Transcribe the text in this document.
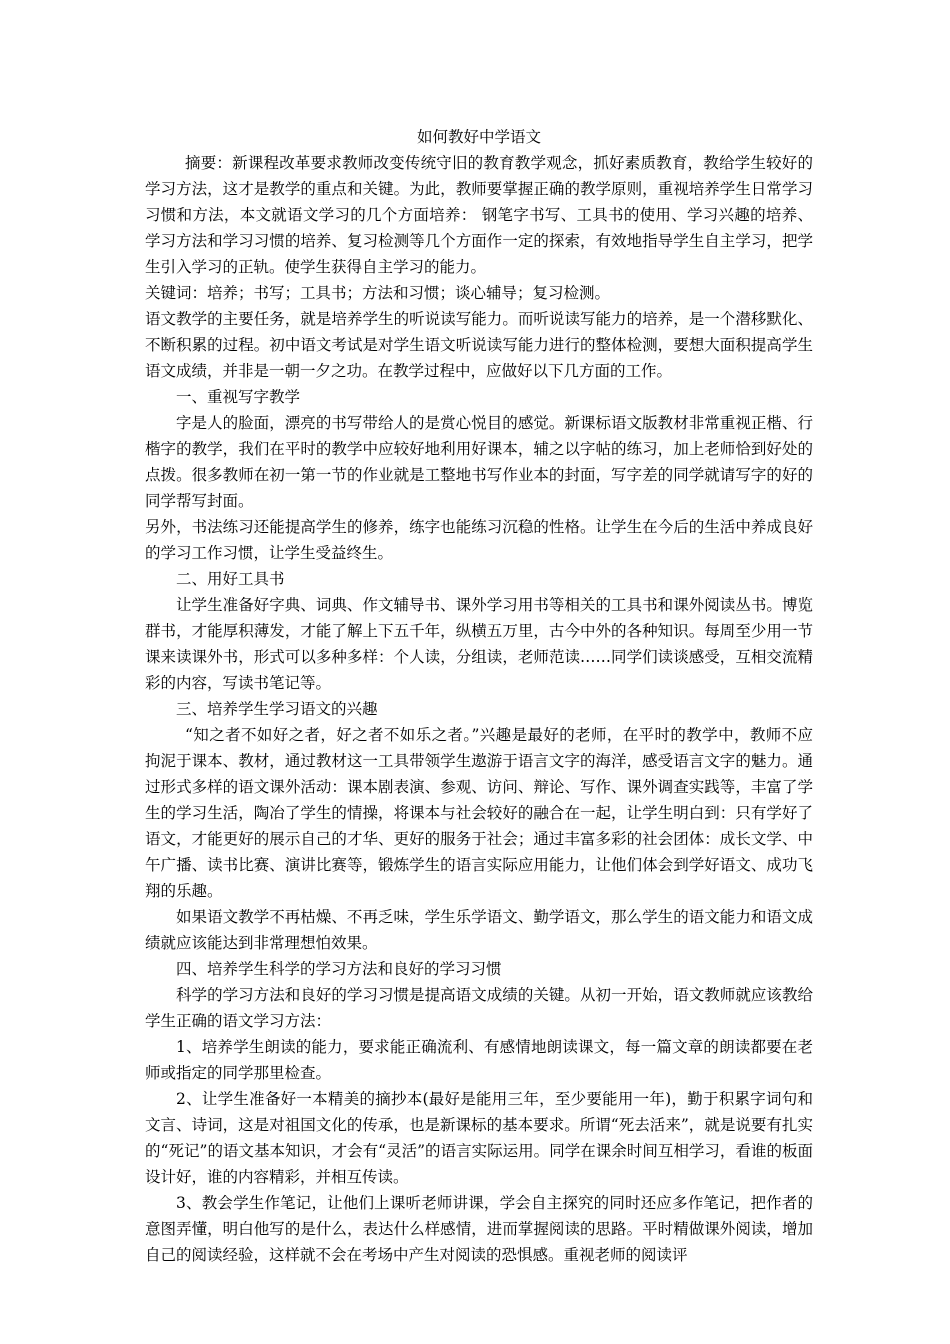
如何教好中学语文

摘要：新课程改革要求教师改变传统守旧的教育教学观念，抓好素质教育，教给学生较好的学习方法，这才是教学的重点和关键。为此，教师要掌握正确的教学原则，重视培养学生日常学习习惯和方法，本文就语文学习的几个方面培养： 钢笔字书写、工具书的使用、学习兴趣的培养、学习方法和学习习惯的培养、复习检测等几个方面作一定的探索，有效地指导学生自主学习，把学生引入学习的正轨。使学生获得自主学习的能力。

关键词：培养；书写；工具书；方法和习惯；谈心辅导；复习检测。

语文教学的主要任务，就是培养学生的听说读写能力。而听说读写能力的培养，是一个潜移默化、不断积累的过程。初中语文考试是对学生语文听说读写能力进行的整体检测，要想大面积提高学生语文成绩，并非是一朝一夕之功。在教学过程中，应做好以下几方面的工作。

一、重视写字教学

字是人的脸面，漂亮的书写带给人的是赏心悦目的感觉。新课标语文版教材非常重视正楷、行楷字的教学，我们在平时的教学中应较好地利用好课本，辅之以字帖的练习，加上老师恰到好处的点拨。很多教师在初一第一节的作业就是工整地书写作业本的封面，写字差的同学就请写字的好的同学帮写封面。

另外，书法练习还能提高学生的修养，练字也能练习沉稳的性格。让学生在今后的生活中养成良好的学习工作习惯，让学生受益终生。

二、用好工具书

让学生准备好字典、词典、作文辅导书、课外学习用书等相关的工具书和课外阅读丛书。博览群书，才能厚积薄发，才能了解上下五千年，纵横五万里，古今中外的各种知识。每周至少用一节课来读课外书，形式可以多种多样：个人读，分组读，老师范读……同学们读谈感受，互相交流精彩的内容，写读书笔记等。

三、培养学生学习语文的兴趣

“知之者不如好之者，好之者不如乐之者。”兴趣是最好的老师，在平时的教学中，教师不应拘泥于课本、教材，通过教材这一工具带领学生遨游于语言文字的海洋，感受语言文字的魅力。通过形式多样的语文课外活动：课本剧表演、参观、访问、辩论、写作、课外调查实践等，丰富了学生的学习生活，陶冶了学生的情操，将课本与社会较好的融合在一起，让学生明白到：只有学好了语文，才能更好的展示自己的才华、更好的服务于社会；通过丰富多彩的社会团体：成长文学、中午广播、读书比赛、演讲比赛等，锻炼学生的语言实际应用能力，让他们体会到学好语文、成功飞翔的乐趣。

如果语文教学不再枯燥、不再乏味，学生乐学语文、勤学语文，那么学生的语文能力和语文成绩就应该能达到非常理想怕效果。

四、培养学生科学的学习方法和良好的学习习惯

科学的学习方法和良好的学习习惯是提高语文成绩的关键。从初一开始，语文教师就应该教给学生正确的语文学习方法：

1、培养学生朗读的能力，要求能正确流利、有感情地朗读课文，每一篇文章的朗读都要在老师或指定的同学那里检查。

2、让学生准备好一本精美的摘抄本(最好是能用三年，至少要能用一年)，勤于积累字词句和文言、诗词，这是对祖国文化的传承，也是新课标的基本要求。所谓“死去活来”，就是说要有扎实的“死记”的语文基本知识，才会有“灵活”的语言实际运用。同学在课余时间互相学习，看谁的板面设计好，谁的内容精彩，并相互传读。

3、教会学生作笔记，让他们上课听老师讲课，学会自主探究的同时还应多作笔记，把作者的意图弄懂，明白他写的是什么，表达什么样感情，进而掌握阅读的思路。平时精做课外阅读，增加自己的阅读经验，这样就不会在考场中产生对阅读的恐惧感。重视老师的阅读评
